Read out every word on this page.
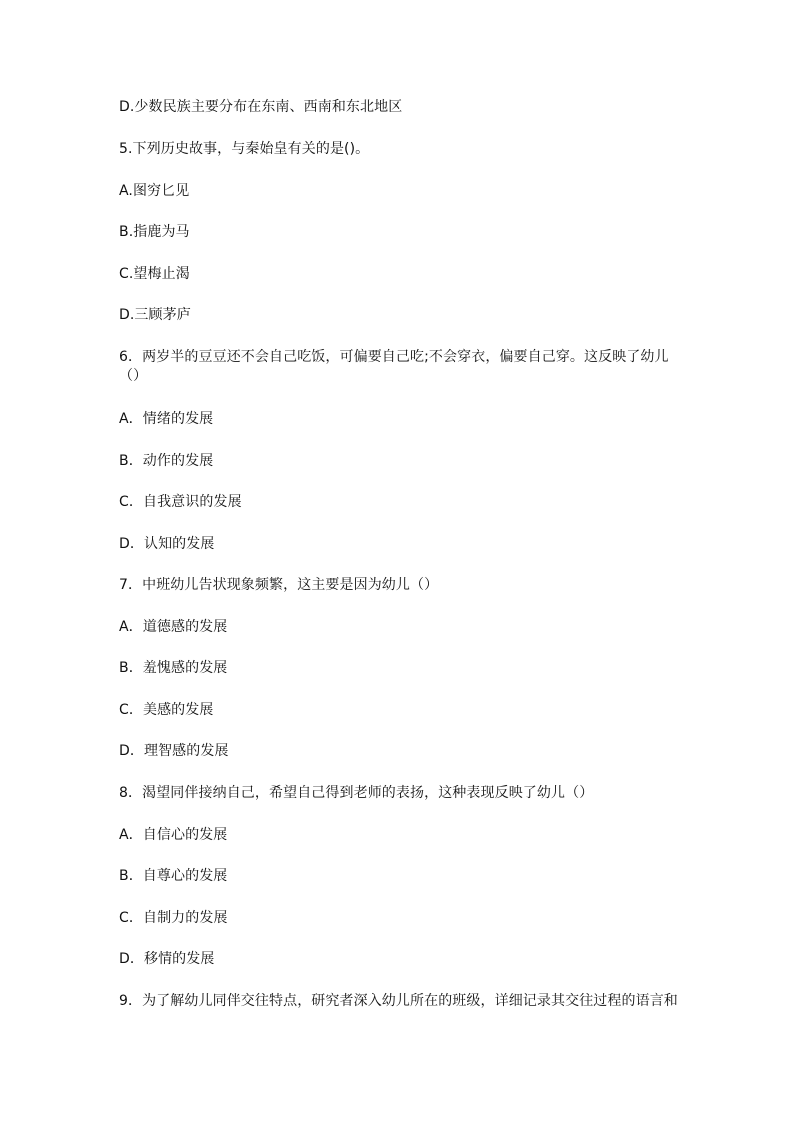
D.少数民族主要分布在东南、西南和东北地区
5.下列历史故事，与秦始皇有关的是()。
A.图穷匕见
B.指鹿为马
C.望梅止渴
D.三顾茅庐
6．两岁半的豆豆还不会自己吃饭，可偏要自己吃;不会穿衣，偏要自己穿。这反映了幼儿（）
A．情绪的发展
B．动作的发展
C．自我意识的发展
D．认知的发展
7．中班幼儿告状现象频繁，这主要是因为幼儿（）
A．道德感的发展
B．羞愧感的发展
C．美感的发展
D．理智感的发展
8．渴望同伴接纳自己，希望自己得到老师的表扬，这种表现反映了幼儿（）
A．自信心的发展
B．自尊心的发展
C．自制力的发展
D．移情的发展
9．为了解幼儿同伴交往特点，研究者深入幼儿所在的班级，详细记录其交往过程的语言和
